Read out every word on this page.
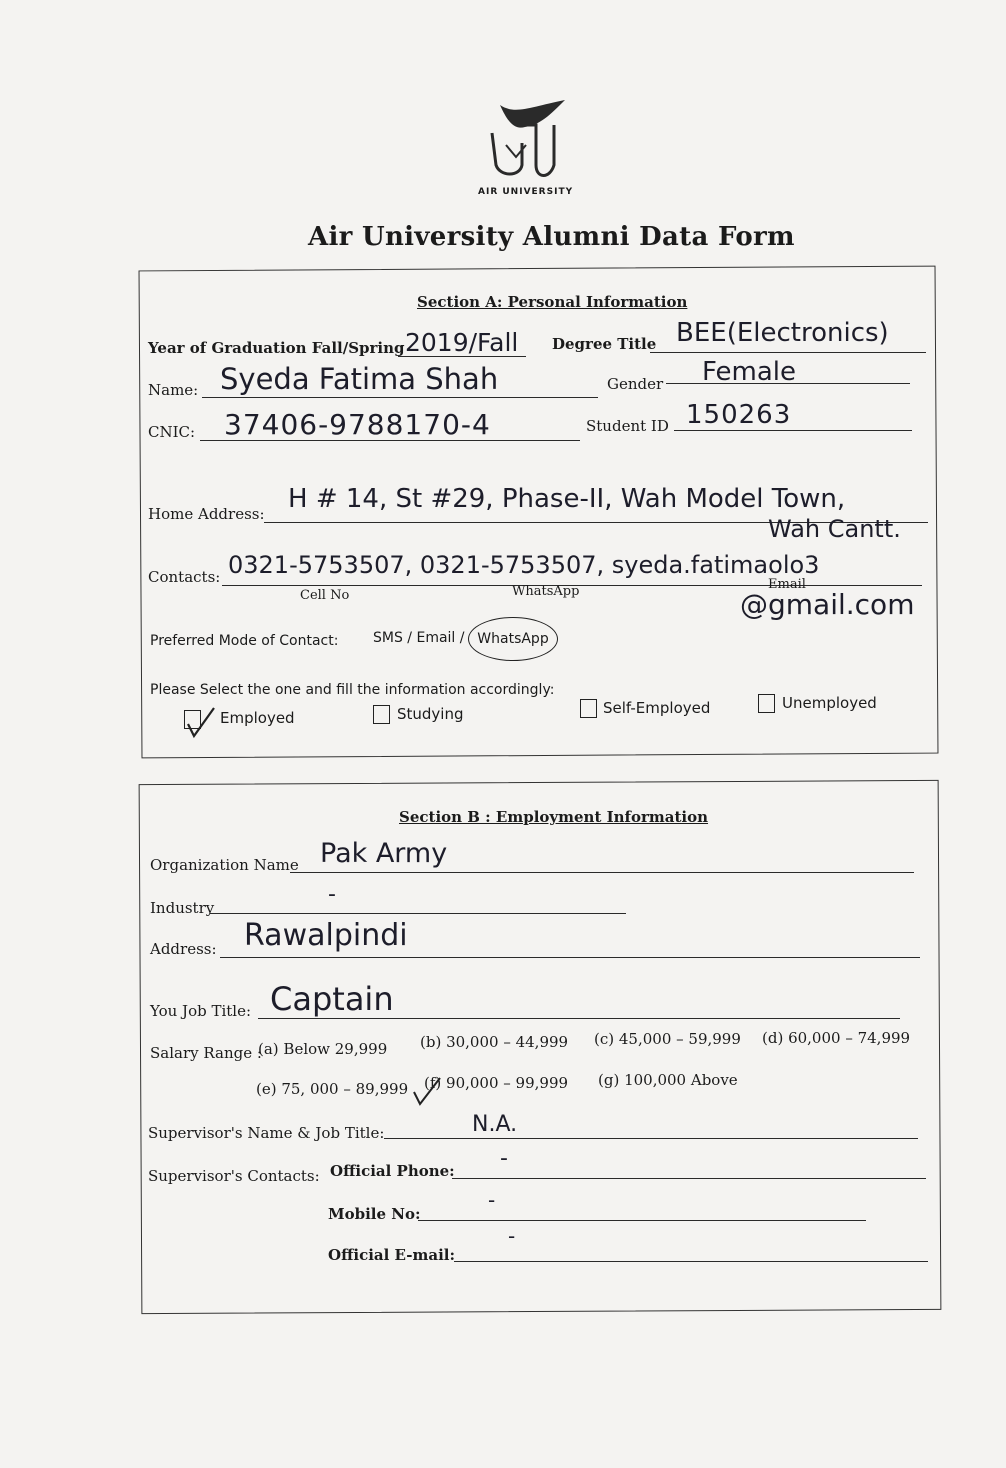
AIR UNIVERSITY
Air University Alumni Data Form
Section A: Personal Information
Year of Graduation Fall/Spring 2019/Fall Degree Title BEE(Electronics)
Name: Syeda Fatima Shah	Gender Female
CNIC: 37406-9788170-4	Student ID 150263
Home Address: H # 14, St #29, Phase-II, Wah Model Town,
Wah Cantt.
Contacts: 0321-5753507, 0321-5753507, syeda.fatimaolo3
@gmail.com
Cell No	WhatsApp	Email
Preferred Mode of Contact: SMS / Email / WhatsApp
Please Select the one and fill the information accordingly:
Employed	Studying	Self-Employed	Unemployed
Section B : Employment Information
Organization Name Pak Army
Industry
-
Address: Rawalpindi
You Job Title: Captain
Salary Range :
(a) Below 29,999 (b) 30,000 – 44,999 (c) 45,000 – 59,999 (d) 60,000 – 74,999
(e) 75, 000 – 89,999 (f) 90,000 – 99,999 (g) 100,000 Above
Supervisor's Name & Job Title:	N.A.
Supervisor's Contacts: Official Phone: -
Mobile No:
-
Official E-mail:
-
